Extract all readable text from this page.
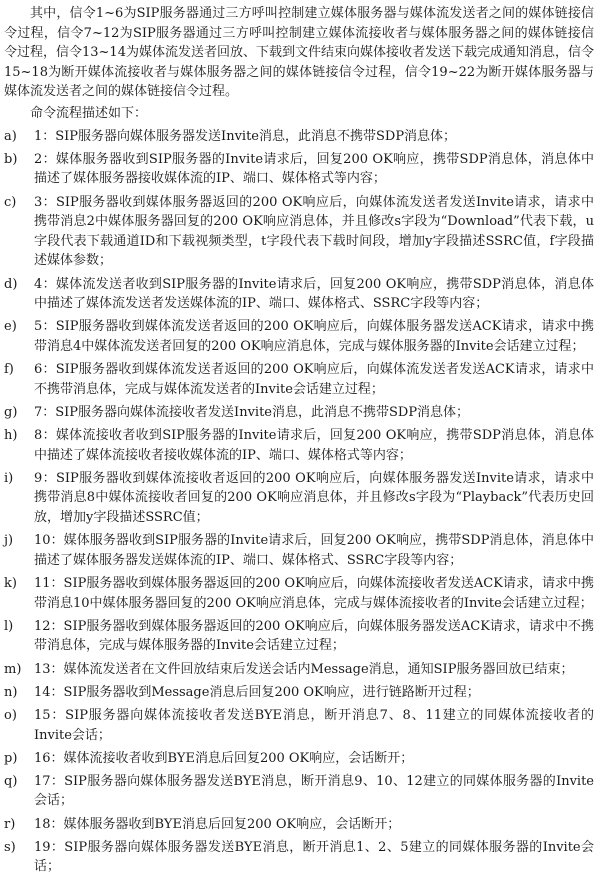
其中，信令1~6为SIP服务器通过三方呼叫控制建立媒体服务器与媒体流发送者之间的媒体链接信令过程，信令7~12为SIP服务器通过三方呼叫控制建立媒体流接收者与媒体服务器之间的媒体链接信令过程，信令13~14为媒体流发送者回放、下载到文件结束向媒体接收者发送下载完成通知消息，信令15~18为断开媒体流接收者与媒体服务器之间的媒体链接信令过程，信令19~22为断开媒体服务器与媒体流发送者之间的媒体链接信令过程。

命令流程描述如下：

a)	1：SIP服务器向媒体服务器发送Invite消息，此消息不携带SDP消息体；
b)	2：媒体服务器收到SIP服务器的Invite请求后，回复200 OK响应，携带SDP消息体，消息体中描述了媒体服务器接收媒体流的IP、端口、媒体格式等内容；
c)	3：SIP服务器收到媒体服务器返回的200 OK响应后，向媒体流发送者发送Invite请求，请求中携带消息2中媒体服务器回复的200 OK响应消息体，并且修改s字段为“Download”代表下载，u字段代表下载通道ID和下载视频类型，t字段代表下载时间段，增加y字段描述SSRC值，f字段描述媒体参数；
d)	4：媒体流发送者收到SIP服务器的Invite请求后，回复200 OK响应，携带SDP消息体，消息体中描述了媒体流发送者发送媒体流的IP、端口、媒体格式、SSRC字段等内容；
e)	5：SIP服务器收到媒体流发送者返回的200 OK响应后，向媒体服务器发送ACK请求，请求中携带消息4中媒体流发送者回复的200 OK响应消息体，完成与媒体服务器的Invite会话建立过程；
f)	6：SIP服务器收到媒体流发送者返回的200 OK响应后，向媒体流发送者发送ACK请求，请求中不携带消息体，完成与媒体流发送者的Invite会话建立过程；
g)	7：SIP服务器向媒体流接收者发送Invite消息，此消息不携带SDP消息体；
h)	8：媒体流接收者收到SIP服务器的Invite请求后，回复200 OK响应，携带SDP消息体，消息体中描述了媒体流接收者接收媒体流的IP、端口、媒体格式等内容；
i)	9：SIP服务器收到媒体流接收者返回的200 OK响应后，向媒体服务器发送Invite请求，请求中携带消息8中媒体流接收者回复的200 OK响应消息体，并且修改s字段为“Playback”代表历史回放，增加y字段描述SSRC值；
j)	10：媒体服务器收到SIP服务器的Invite请求后，回复200 OK响应，携带SDP消息体，消息体中描述了媒体服务器发送媒体流的IP、端口、媒体格式、SSRC字段等内容；
k)	11：SIP服务器收到媒体服务器返回的200 OK响应后，向媒体流接收者发送ACK请求，请求中携带消息10中媒体服务器回复的200 OK响应消息体，完成与媒体流接收者的Invite会话建立过程；
l)	12：SIP服务器收到媒体服务器返回的200 OK响应后，向媒体服务器发送ACK请求，请求中不携带消息体，完成与媒体服务器的Invite会话建立过程；
m) 13：媒体流发送者在文件回放结束后发送会话内Message消息，通知SIP服务器回放已结束；
n)	14：SIP服务器收到Message消息后回复200 OK响应，进行链路断开过程；
o)	15：SIP服务器向媒体流接收者发送BYE消息，断开消息7、8、11建立的同媒体流接收者的Invite会话；
p)	16：媒体流接收者收到BYE消息后回复200 OK响应，会话断开；
q)	17：SIP服务器向媒体服务器发送BYE消息，断开消息9、10、12建立的同媒体服务器的Invite会话；
r)	18：媒体服务器收到BYE消息后回复200 OK响应，会话断开；
s)	19：SIP服务器向媒体服务器发送BYE消息，断开消息1、2、5建立的同媒体服务器的Invite会话；
